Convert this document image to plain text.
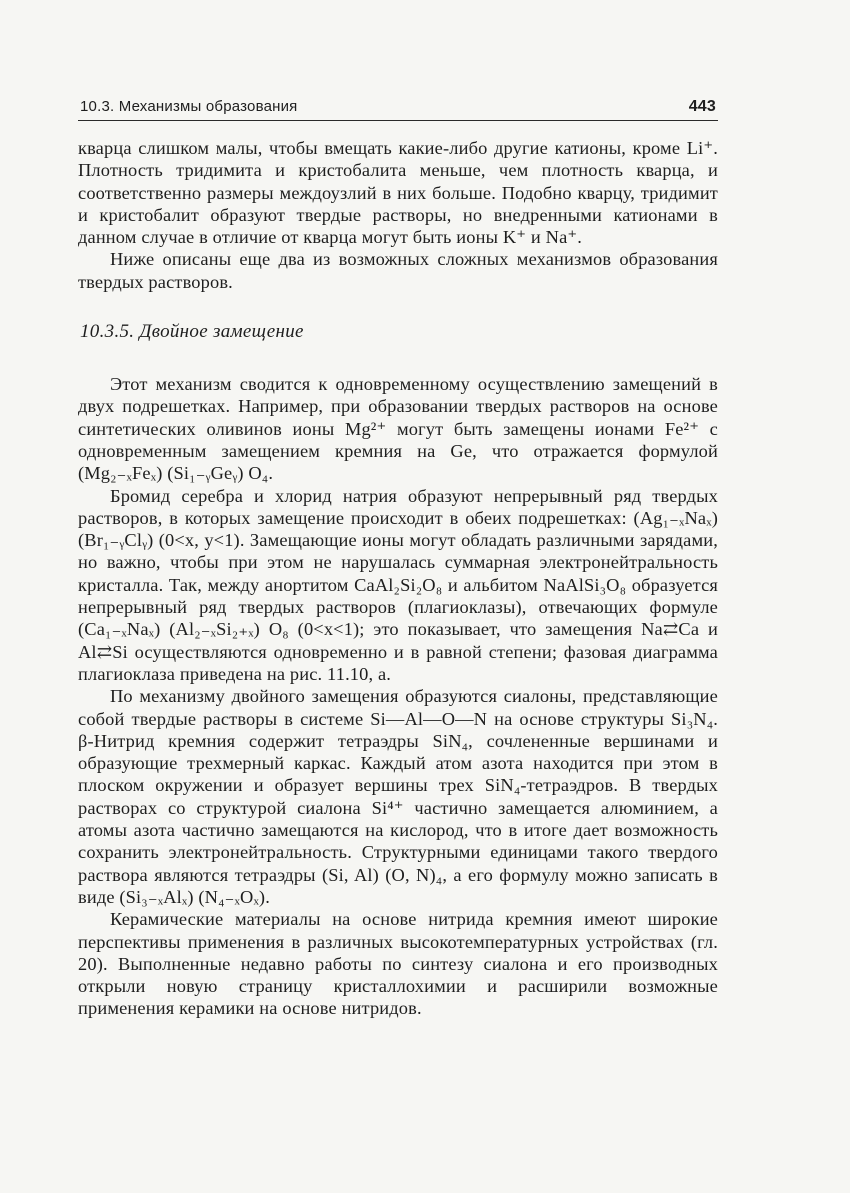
10.3. Механизмы образования	443

кварца слишком малы, чтобы вмещать какие-либо другие катионы, кроме Li⁺. Плотность тридимита и кристобалита меньше, чем плотность кварца, и соответственно размеры междоузлий в них больше. Подобно кварцу, тридимит и кристобалит образуют твердые растворы, но внедренными катионами в данном случае в отличие от кварца могут быть ионы K⁺ и Na⁺.

Ниже описаны еще два из возможных сложных механизмов образования твердых растворов.

10.3.5. Двойное замещение

Этот механизм сводится к одновременному осуществлению замещений в двух подрешетках. Например, при образовании твердых растворов на основе синтетических оливинов ионы Mg²⁺ могут быть замещены ионами Fe²⁺ с одновременным замещением кремния на Ge, что отражается формулой (Mg₂₋ₓFeₓ) (Si₁₋ᵧGeᵧ) O₄.

Бромид серебра и хлорид натрия образуют непрерывный ряд твердых растворов, в которых замещение происходит в обеих подрешетках: (Ag₁₋ₓNaₓ) (Br₁₋ᵧClᵧ) (0<x, y<1). Замещающие ионы могут обладать различными зарядами, но важно, чтобы при этом не нарушалась суммарная электронейтральность кристалла. Так, между анортитом CaAl₂Si₂O₈ и альбитом NaAlSi₃O₈ образуется непрерывный ряд твердых растворов (плагиоклазы), отвечающих формуле (Ca₁₋ₓNaₓ) (Al₂₋ₓSi₂₊ₓ) O₈ (0<x<1); это показывает, что замещения Na⇄Ca и Al⇄Si осуществляются одновременно и в равной степени; фазовая диаграмма плагиоклаза приведена на рис. 11.10, а.

По механизму двойного замещения образуются сиалоны, представляющие собой твердые растворы в системе Si—Al—O—N на основе структуры Si₃N₄. β-Нитрид кремния содержит тетраэдры SiN₄, сочлененные вершинами и образующие трехмерный каркас. Каждый атом азота находится при этом в плоском окружении и образует вершины трех SiN₄-тетраэдров. В твердых растворах со структурой сиалона Si⁴⁺ частично замещается алюминием, а атомы азота частично замещаются на кислород, что в итоге дает возможность сохранить электронейтральность. Структурными единицами такого твердого раствора являются тетраэдры (Si, Al) (O, N)₄, а его формулу можно записать в виде (Si₃₋ₓAlₓ) (N₄₋ₓOₓ).

Керамические материалы на основе нитрида кремния имеют широкие перспективы применения в различных высокотемпературных устройствах (гл. 20). Выполненные недавно работы по синтезу сиалона и его производных открыли новую страницу кристаллохимии и расширили возможные применения керамики на основе нитридов.
